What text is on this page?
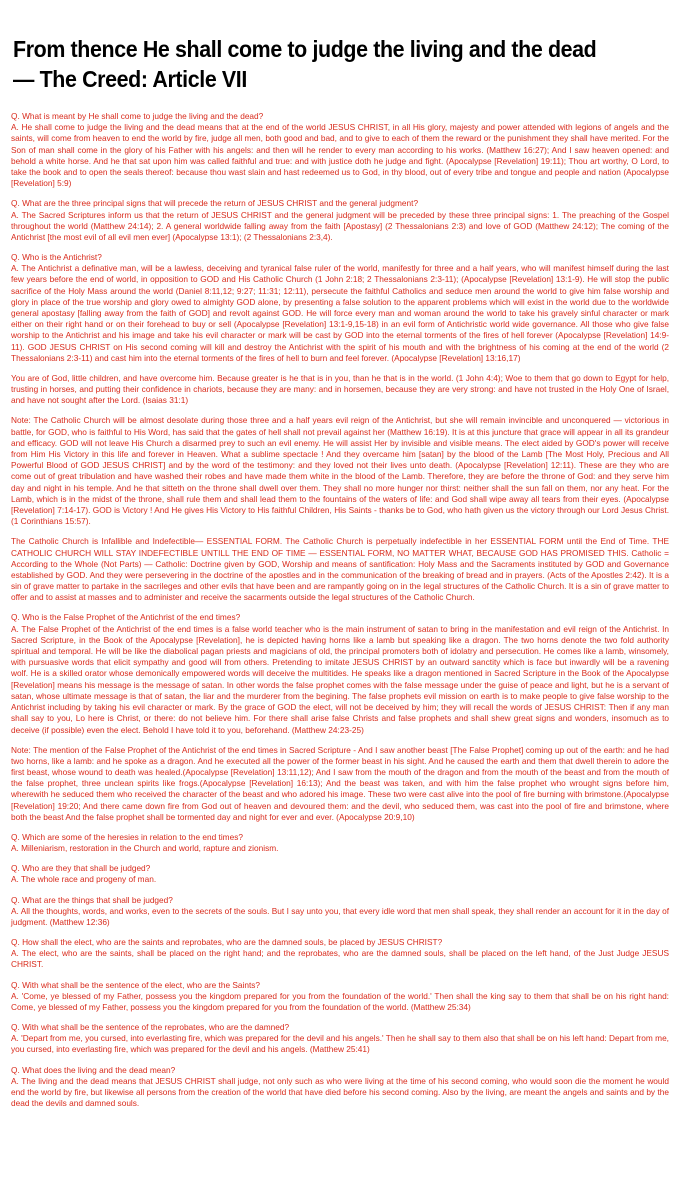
From thence He shall come to judge the living and the dead — The Creed: Article VII

Q. What is meant by He shall come to judge the living and the dead?
A. He shall come to judge the living and the dead means that at the end of the world JESUS CHRIST, in all His glory, majesty and power attended with legions of angels and the saints, will come from heaven to end the world by fire, judge all men, both good and bad, and to give to each of them the reward or the punishment they shall have merited. For the Son of man shall come in the glory of his Father with his angels: and then will he render to every man according to his works. (Matthew 16:27); And I saw heaven opened: and behold a white horse. And he that sat upon him was called faithful and true: and with justice doth he judge and fight. (Apocalypse [Revelation] 19:11); Thou art worthy, O Lord, to take the book and to open the seals thereof: because thou wast slain and hast redeemed us to God, in thy blood, out of every tribe and tongue and people and nation (Apocalypse [Revelation] 5:9)

Q. What are the three principal signs that will precede the return of JESUS CHRIST and the general judgment?
A. The Sacred Scriptures inform us that the return of JESUS CHRIST and the general judgment will be preceded by these three principal signs: 1. The preaching of the Gospel throughout the world (Matthew 24:14); 2. A general worldwide falling away from the faith [Apostasy] (2 Thessalonians 2:3) and love of GOD (Matthew 24:12); The coming of the Antichrist [the most evil of all evil men ever] (Apocalypse 13:1); (2 Thessalonians 2:3,4).

Q. Who is the Antichrist?
A. The Antichrist a definative man, will be a lawless, deceiving and tyranical false ruler of the world, manifestly for three and a half years, who will manifest himself during the last few years before the end of world, in opposition to GOD and His Catholic Church (1 John 2:18; 2 Thessalonians 2:3-11); (Apocalypse [Revelation] 13:1-9). He will stop the public sacrifice of the Holy Mass around the world (Daniel 8:11,12; 9:27; 11:31; 12:11), persecute the faithful Catholics and seduce men around the world to give him false worship and glory in place of the true worship and glory owed to almighty GOD alone, by presenting a false solution to the apparent problems which will exist in the world due to the worldwide general apostasy [falling away from the faith of GOD] and revolt against GOD. He will force every man and woman around the world to take his gravely sinful character or mark either on their right hand or on their forehead to buy or sell (Apocalypse [Revelation] 13:1-9,15-18) in an evil form of Antichristic world wide governance. All those who give false worship to the Antichrist and his image and take his evil character or mark will be cast by GOD into the eternal torments of the fires of hell forever (Apocalypse [Revelation] 14:9-11). GOD JESUS CHRIST on His second coming will kill and destroy the Antichrist with the spirit of his mouth and with the brightness of his coming at the end of the world (2 Thessalonians 2:3-11) and cast him into the eternal torments of the fires of hell to burn and feel forever. (Apocalypse [Revelation] 13:16,17)

You are of God, little children, and have overcome him. Because greater is he that is in you, than he that is in the world. (1 John 4:4); Woe to them that go down to Egypt for help, trusting in horses, and putting their confidence in chariots, because they are many: and in horsemen, because they are very strong: and have not trusted in the Holy One of Israel, and have not sought after the Lord. (Isaias 31:1)

Note: The Catholic Church will be almost desolate during those three and a half years evil reign of the Antichrist, but she will remain invincible and unconquered — victorious in battle, for GOD, who is faithful to His Word, has said that the gates of hell shall not prevail against her (Matthew 16:19). It is at this juncture that grace will appear in all its grandeur and efficacy. GOD will not leave His Church a disarmed prey to such an evil enemy. He will assist Her by invisible and visible means. The elect aided by GOD's power will receive from Him His Victory in this life and forever in Heaven. What a sublime spectacle ! And they overcame him [satan] by the blood of the Lamb [The Most Holy, Precious and All Powerful Blood of GOD JESUS CHRIST] and by the word of the testimony: and they loved not their lives unto death. (Apocalypse [Revelation] 12:11). These are they who are come out of great tribulation and have washed their robes and have made them white in the blood of the Lamb. Therefore, they are before the throne of God: and they serve him day and night in his temple. And he that sitteth on the throne shall dwell over them. They shall no more hunger nor thirst: neither shall the sun fall on them, nor any heat. For the Lamb, which is in the midst of the throne, shall rule them and shall lead them to the fountains of the waters of life: and God shall wipe away all tears from their eyes. (Apocalypse [Revelation] 7:14-17). GOD is Victory ! And He gives His Victory to His faithful Children, His Saints - thanks be to God, who hath given us the victory through our Lord Jesus Christ. (1 Corinthians 15:57).

The Catholic Church is Infallible and Indefectible— ESSENTIAL FORM. The Catholic Church is perpetually indefectible in her ESSENTIAL FORM until the End of Time. THE CATHOLIC CHURCH WILL STAY INDEFECTIBLE UNTILL THE END OF TIME — ESSENTIAL FORM, NO MATTER WHAT, BECAUSE GOD HAS PROMISED THIS. Catholic = According to the Whole (Not Parts) — Catholic: Doctrine given by GOD, Worship and means of santification: Holy Mass and the Sacraments instituted by GOD and Governance established by GOD. And they were persevering in the doctrine of the apostles and in the communication of the breaking of bread and in prayers. (Acts of the Apostles 2:42). It is a sin of grave matter to partake in the sacrileges and other evils that have been and are rampantly going on in the legal structures of the Catholic Church. It is a sin of grave matter to offer and to assist at masses and to administer and receive the sacarments outside the legal structures of the Catholic Church.

Q. Who is the False Prophet of the Antichrist of the end times?
A. The False Prophet of the Antichrist of the end times is a false world teacher who is the main instrument of satan to bring in the manifestation and evil reign of the Antichrist. In Sacred Scripture, in the Book of the Apocalypse [Revelation], he is depicted having horns like a lamb but speaking like a dragon. The two horns denote the two fold authority spiritual and temporal. He will be like the diabolical pagan priests and magicians of old, the principal promoters both of idolatry and persecution. He comes like a lamb, winsomely, with pursuasive words that elicit sympathy and good will from others. Pretending to imitate JESUS CHRIST by an outward sanctity which is face but inwardly will be a ravening wolf. He is a skilled orator whose demonically empowered words will deceive the multitides. He speaks like a dragon mentioned in Sacred Scripture in the Book of the Apocalypse [Revelation] means his message is the message of satan. In other words the false prophet comes with the false message under the guise of peace and light, but he is a servant of satan, whose ultimate message is that of satan, the liar and the murderer from the begining. The false prophets evil mission on earth is to make people to give false worship to the Antichrist including by taking his evil character or mark. By the grace of GOD the elect, will not be deceived by him; they will recall the words of JESUS CHRIST: Then if any man shall say to you, Lo here is Christ, or there: do not believe him. For there shall arise false Christs and false prophets and shall shew great signs and wonders, insomuch as to deceive (if possible) even the elect. Behold I have told it to you, beforehand. (Matthew 24:23-25)

Note: The mention of the False Prophet of the Antichrist of the end times in Sacred Scripture - And I saw another beast [The False Prophet] coming up out of the earth: and he had two horns, like a lamb: and he spoke as a dragon. And he executed all the power of the former beast in his sight. And he caused the earth and them that dwell therein to adore the first beast, whose wound to death was healed.(Apocalypse [Revelation] 13:11,12); And I saw from the mouth of the dragon and from the mouth of the beast and from the mouth of the false prophet, three unclean spirits like frogs.(Apocalypse [Revelation] 16:13); And the beast was taken, and with him the false prophet who wrought signs before him, wherewith he seduced them who received the character of the beast and who adored his image. These two were cast alive into the pool of fire burning with brimstone.(Apocalypse [Revelation] 19:20; And there came down fire from God out of heaven and devoured them: and the devil, who seduced them, was cast into the pool of fire and brimstone, where both the beast And the false prophet shall be tormented day and night for ever and ever. (Apocalypse 20:9,10)

Q. Which are some of the heresies in relation to the end times?
A. Milleniarism, restoration in the Church and world, rapture and zionism.

Q. Who are they that shall be judged?
A. The whole race and progeny of man.

Q. What are the things that shall be judged?
A. All the thoughts, words, and works, even to the secrets of the souls. But I say unto you, that every idle word that men shall speak, they shall render an account for it in the day of judgment. (Matthew 12:36)

Q. How shall the elect, who are the saints and reprobates, who are the damned souls, be placed by JESUS CHRIST?
A. The elect, who are the saints, shall be placed on the right hand; and the reprobates, who are the damned souls, shall be placed on the left hand, of the Just Judge JESUS CHRIST.

Q. With what shall be the sentence of the elect, who are the Saints?
A. 'Come, ye blessed of my Father, possess you the kingdom prepared for you from the foundation of the world.' Then shall the king say to them that shall be on his right hand: Come, ye blessed of my Father, possess you the kingdom prepared for you from the foundation of the world. (Matthew 25:34)

Q. With what shall be the sentence of the reprobates, who are the damned?
A. 'Depart from me, you cursed, into everlasting fire, which was prepared for the devil and his angels.' Then he shall say to them also that shall be on his left hand: Depart from me, you cursed, into everlasting fire, which was prepared for the devil and his angels. (Matthew 25:41)

Q. What does the living and the dead mean?
A. The living and the dead means that JESUS CHRIST shall judge, not only such as who were living at the time of his second coming, who would soon die the moment he would end the world by fire, but likewise all persons from the creation of the world that have died before his second coming. Also by the living, are meant the angels and saints and by the dead the devils and damned souls.
